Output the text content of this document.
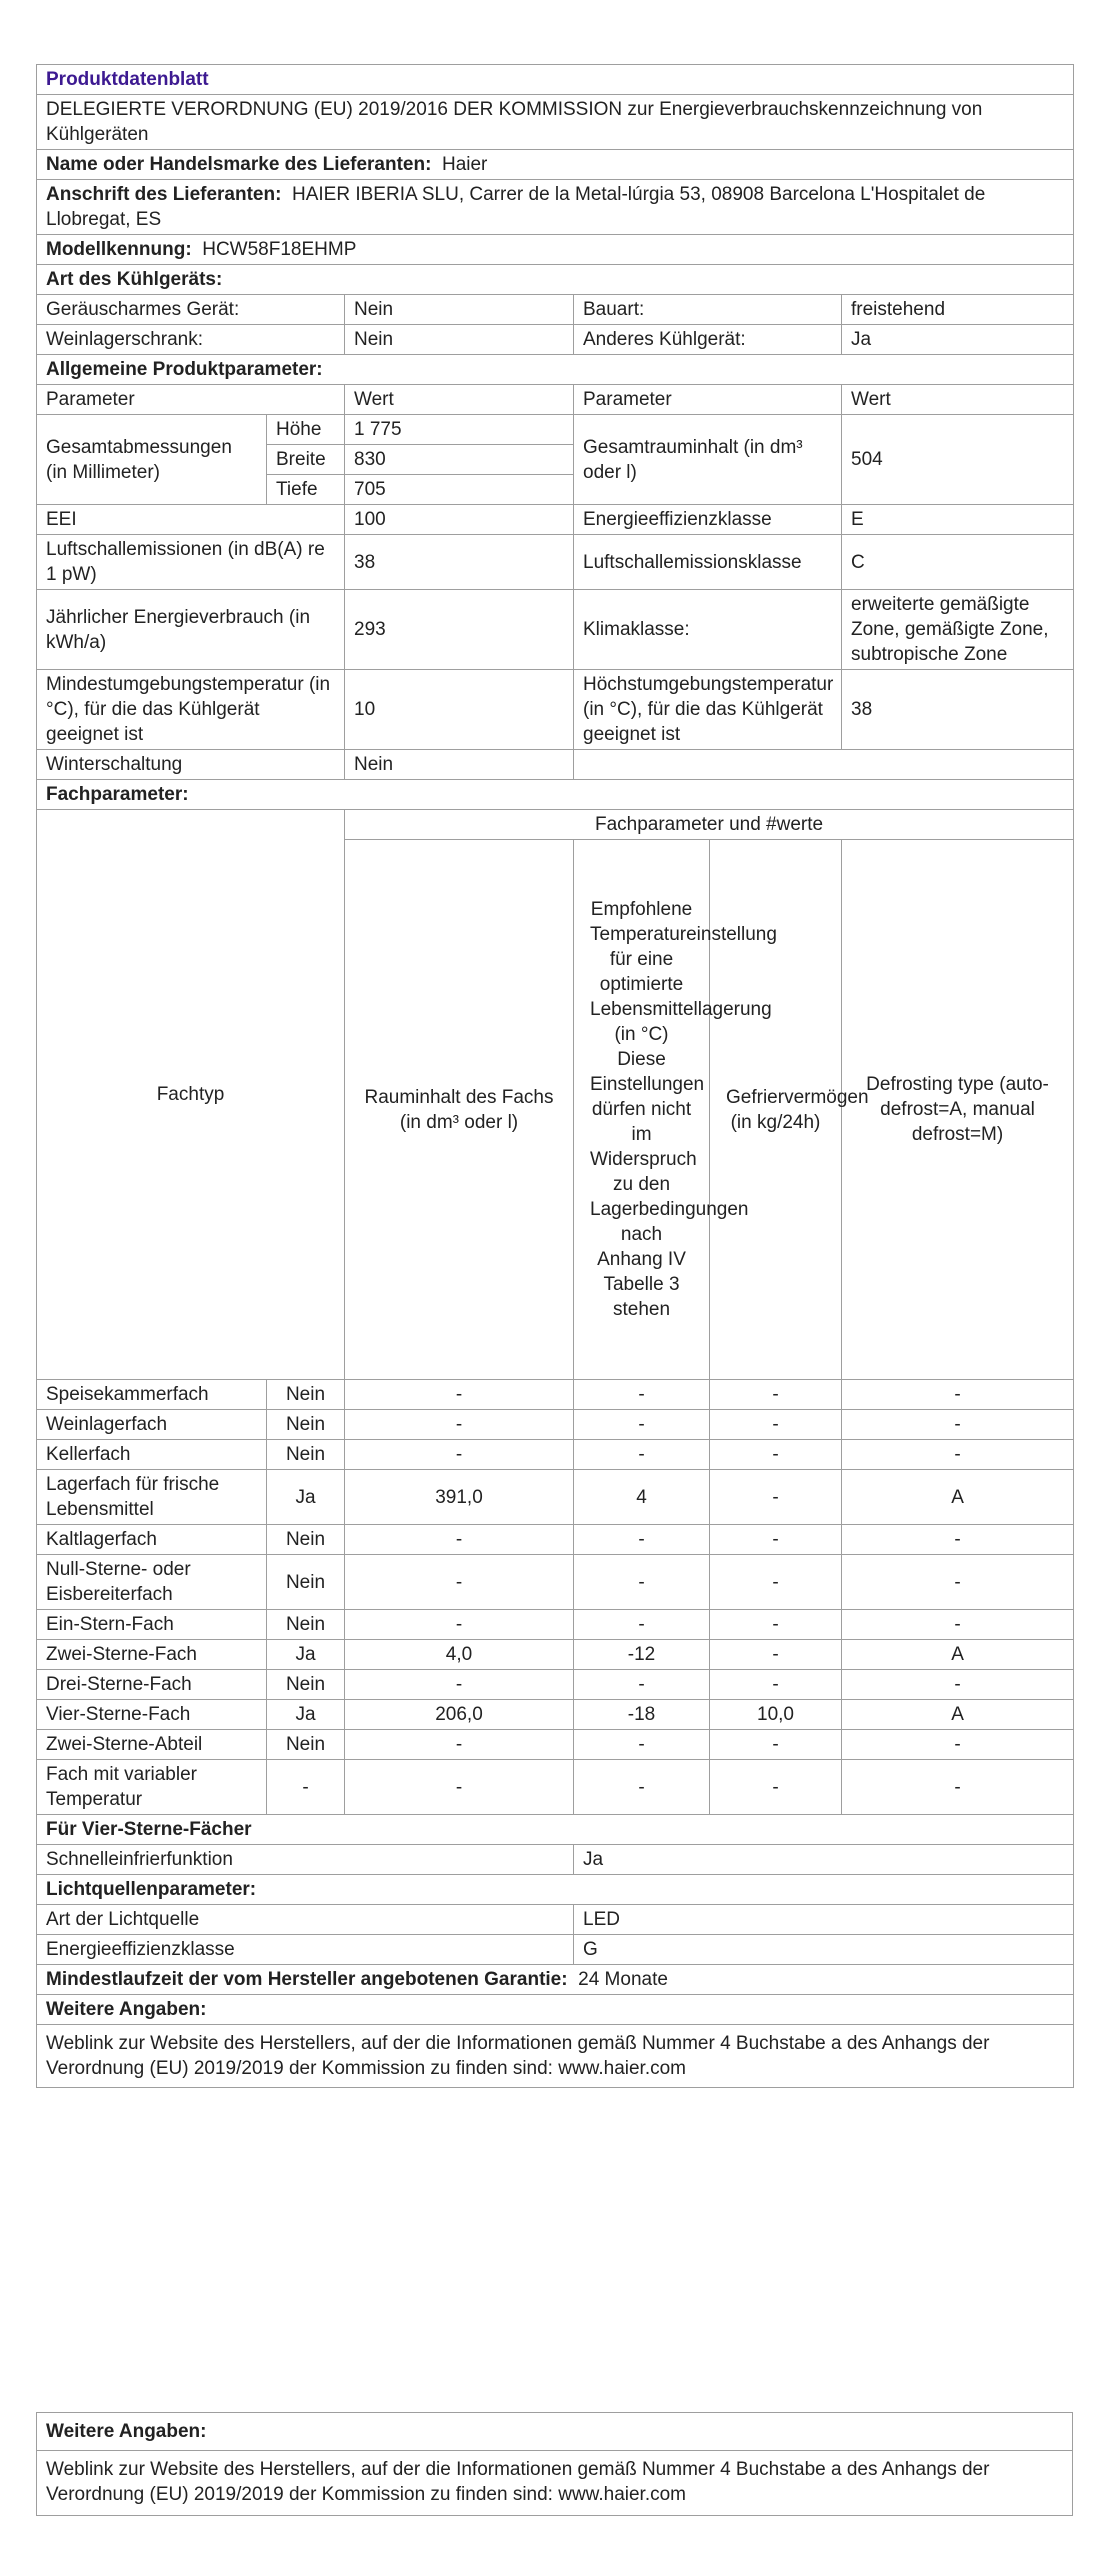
Produktdatenblatt					
DELEGIERTE VERORDNUNG (EU) 2019/2016 DER KOMMISSION zur Energieverbrauchskennzeichnung von Kühlgeräten					
Name oder Handelsmarke des Lieferanten: Haier					
Anschrift des Lieferanten: HAIER IBERIA SLU, Carrer de la Metal-lúrgia 53, 08908 Barcelona L'Hospitalet de Llobregat, ES					
Modellkennung: HCW58F18EHMP					
Art des Kühlgeräts:					
Geräuscharmes Gerät:		Nein	Bauart:		freistehend
Weinlagerschrank:		Nein	Anderes Kühlgerät:		Ja
Allgemeine Produktparameter:					
Parameter		Wert	Parameter		Wert
Gesamtabmessungen (in Millimeter)	Höhe	1 775	Gesamtrauminhalt (in dm³ oder l)		504
	Breite	830			
	Tiefe	705			
EEI		100	Energieeffizienzklasse		E
Luftschallemissionen (in dB(A) re 1 pW)		38	Luftschallemissionsklasse		C
Jährlicher Energieverbrauch (in kWh/a)		293	Klimaklasse:		erweiterte gemäßigte Zone, gemäßigte Zone, subtropische Zone
Mindestumgebungstemperatur (in °C), für die das Kühlgerät geeignet ist		10	Höchstumgebungstemperatur (in °C), für die das Kühlgerät geeignet ist		38
Winterschaltung		Nein			
Fachparameter:					
Fachtyp		Fachparameter und #werte			
		Rauminhalt des Fachs (in dm³ oder l)	Empfohlene Temperatureinstellung für eine optimierte Lebensmittellagerung (in °C) Diese Einstellungen dürfen nicht im Widerspruch zu den Lagerbedingungen nach Anhang IV Tabelle 3 stehen	Gefriervermögen (in kg/24h)	Defrosting type (auto-defrost=A, manual defrost=M)
Speisekammerfach	Nein	-	-	-	-
Weinlagerfach	Nein	-	-	-	-
Kellerfach	Nein	-	-	-	-
Lagerfach für frische Lebensmittel	Ja	391,0	4	-	A
Kaltlagerfach	Nein	-	-	-	-
Null-Sterne- oder Eisbereiterfach	Nein	-	-	-	-
Ein-Stern-Fach	Nein	-	-	-	-
Zwei-Sterne-Fach	Ja	4,0	-12	-	A
Drei-Sterne-Fach	Nein	-	-	-	-
Vier-Sterne-Fach	Ja	206,0	-18	10,0	A
Zwei-Sterne-Abteil	Nein	-	-	-	-
Fach mit variabler Temperatur	-	-	-	-	-
Für Vier-Sterne-Fächer					
Schnelleinfrierfunktion			Ja		
Lichtquellenparameter:					
Art der Lichtquelle			LED		
Energieeffizienzklasse			G		
Mindestlaufzeit der vom Hersteller angebotenen Garantie: 24 Monate					
Weitere Angaben:					
Weblink zur Website des Herstellers, auf der die Informationen gemäß Nummer 4 Buchstabe a des Anhangs der Verordnung (EU) 2019/2019 der Kommission zu finden sind: www.haier.com					
Weitere Angaben:
Weblink zur Website des Herstellers, auf der die Informationen gemäß Nummer 4 Buchstabe a des Anhangs der Verordnung (EU) 2019/2019 der Kommission zu finden sind: www.haier.com
